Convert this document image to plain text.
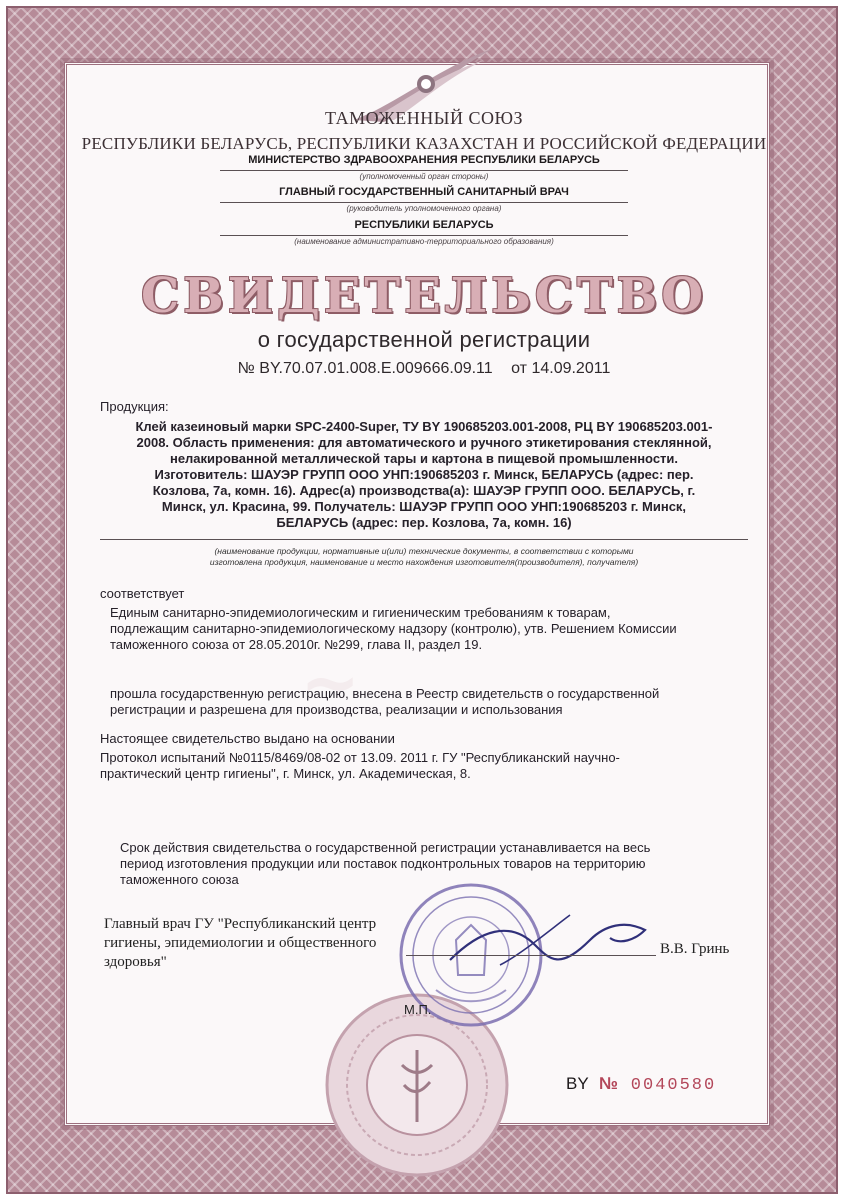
~
ТАМОЖЕННЫЙ СОЮЗ
РЕСПУБЛИКИ БЕЛАРУСЬ, РЕСПУБЛИКИ КАЗАХСТАН И РОССИЙСКОЙ ФЕДЕРАЦИИ
МИНИСТЕРСТВО ЗДРАВООХРАНЕНИЯ РЕСПУБЛИКИ БЕЛАРУСЬ
(уполномоченный орган стороны)
ГЛАВНЫЙ ГОСУДАРСТВЕННЫЙ САНИТАРНЫЙ ВРАЧ
(руководитель уполномоченного органа)
РЕСПУБЛИКИ БЕЛАРУСЬ
(наименование административно-территориального образования)
СВИДЕТЕЛЬСТВО
о государственной регистрации
№ BY.70.07.01.008.E.009666.09.11 от 14.09.2011
Продукция:
Клей казеиновый марки SPC-2400-Super, ТУ BY 190685203.001-2008, РЦ BY 190685203.001-
2008. Область применения: для автоматического и ручного этикетирования стеклянной,
нелакированной металлической тары и картона в пищевой промышленности.
Изготовитель: ШАУЭР ГРУПП ООО УНП:190685203 г. Минск, БЕЛАРУСЬ (адрес: пер.
Козлова, 7а, комн. 16). Адрес(а) производства(а): ШАУЭР ГРУПП ООО. БЕЛАРУСЬ, г.
Минск, ул. Красина, 99. Получатель: ШАУЭР ГРУПП ООО УНП:190685203 г. Минск,
БЕЛАРУСЬ (адрес: пер. Козлова, 7а, комн. 16)
(наименование продукции, нормативные и(или) технические документы, в соответствии с которыми
изготовлена продукция, наименование и место нахождения изготовителя(производителя), получателя)
соответствует
Единым санитарно-эпидемиологическим и гигиеническим требованиям к товарам,
подлежащим санитарно-эпидемиологическому надзору (контролю), утв. Решением Комиссии
таможенного союза от 28.05.2010г. №299, глава II, раздел 19.
прошла государственную регистрацию, внесена в Реестр свидетельств о государственной
регистрации и разрешена для производства, реализации и использования
Настоящее свидетельство выдано на основании
Протокол испытаний №0115/8469/08-02 от 13.09. 2011 г. ГУ "Республиканский научно-
практический центр гигиены", г. Минск, ул. Академическая, 8.
Срок действия свидетельства о государственной регистрации устанавливается на весь
период изготовления продукции или поставок подконтрольных товаров на территорию
таможенного союза
Главный врач ГУ "Республиканский центр
гигиены, эпидемиологии и общественного
здоровья"
В.В. Гринь
М.П.
BY № 0040580
